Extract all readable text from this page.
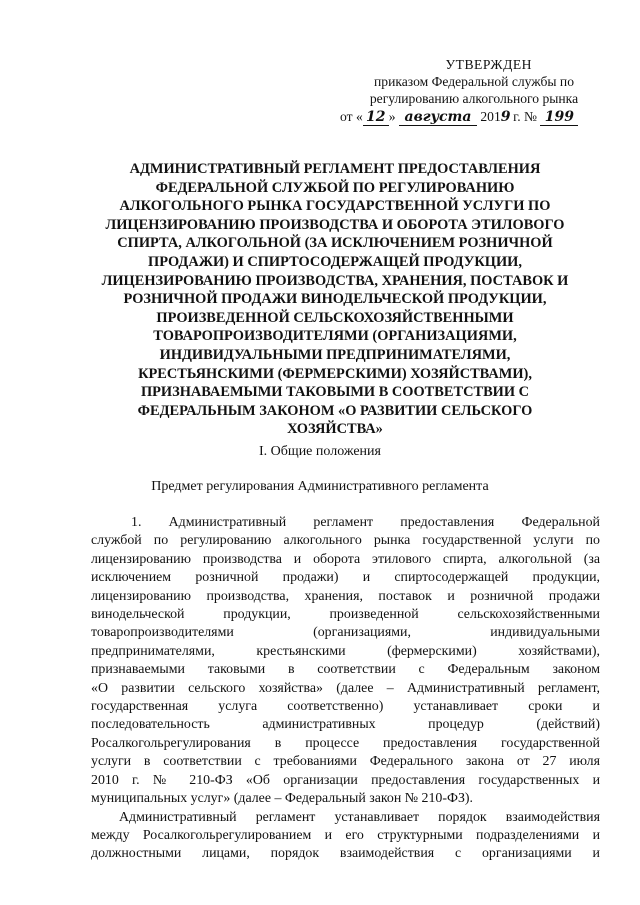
УТВЕРЖДЕН
приказом Федеральной службы по
регулированию алкогольного рынка
от « 12 » августа 2019 г. № 199
АДМИНИСТРАТИВНЫЙ РЕГЛАМЕНТ ПРЕДОСТАВЛЕНИЯ
ФЕДЕРАЛЬНОЙ СЛУЖБОЙ ПО РЕГУЛИРОВАНИЮ
АЛКОГОЛЬНОГО РЫНКА ГОСУДАРСТВЕННОЙ УСЛУГИ ПО
ЛИЦЕНЗИРОВАНИЮ ПРОИЗВОДСТВА И ОБОРОТА ЭТИЛОВОГО
СПИРТА, АЛКОГОЛЬНОЙ (ЗА ИСКЛЮЧЕНИЕМ РОЗНИЧНОЙ
ПРОДАЖИ) И СПИРТОСОДЕРЖАЩЕЙ ПРОДУКЦИИ,
ЛИЦЕНЗИРОВАНИЮ ПРОИЗВОДСТВА, ХРАНЕНИЯ, ПОСТАВОК И
РОЗНИЧНОЙ ПРОДАЖИ ВИНОДЕЛЬЧЕСКОЙ ПРОДУКЦИИ,
ПРОИЗВЕДЕННОЙ СЕЛЬСКОХОЗЯЙСТВЕННЫМИ
ТОВАРОПРОИЗВОДИТЕЛЯМИ (ОРГАНИЗАЦИЯМИ,
ИНДИВИДУАЛЬНЫМИ ПРЕДПРИНИМАТЕЛЯМИ,
КРЕСТЬЯНСКИМИ (ФЕРМЕРСКИМИ) ХОЗЯЙСТВАМИ),
ПРИЗНАВАЕМЫМИ ТАКОВЫМИ В СООТВЕТСТВИИ С
ФЕДЕРАЛЬНЫМ ЗАКОНОМ «О РАЗВИТИИ СЕЛЬСКОГО
ХОЗЯЙСТВА»
I. Общие положения
Предмет регулирования Административного регламента
1. Административный регламент предоставления Федеральной
службой по регулированию алкогольного рынка государственной услуги по
лицензированию производства и оборота этилового спирта, алкогольной (за
исключением розничной продажи) и спиртосодержащей продукции,
лицензированию производства, хранения, поставок и розничной продажи
винодельческой продукции, произведенной сельскохозяйственными
товаропроизводителями (организациями, индивидуальными
предпринимателями, крестьянскими (фермерскими) хозяйствами),
признаваемыми таковыми в соответствии с Федеральным законом
«О развитии сельского хозяйства» (далее – Административный регламент,
государственная услуга соответственно) устанавливает сроки и
последовательность административных процедур (действий)
Росалкогольрегулирования в процессе предоставления государственной
услуги в соответствии с требованиями Федерального закона от 27 июля
2010 г. № 210-ФЗ «Об организации предоставления государственных и
муниципальных услуг» (далее – Федеральный закон № 210-ФЗ).
Административный регламент устанавливает порядок взаимодействия
между Росалкогольрегулированием и его структурными подразделениями и
должностными лицами, порядок взаимодействия с организациями и
